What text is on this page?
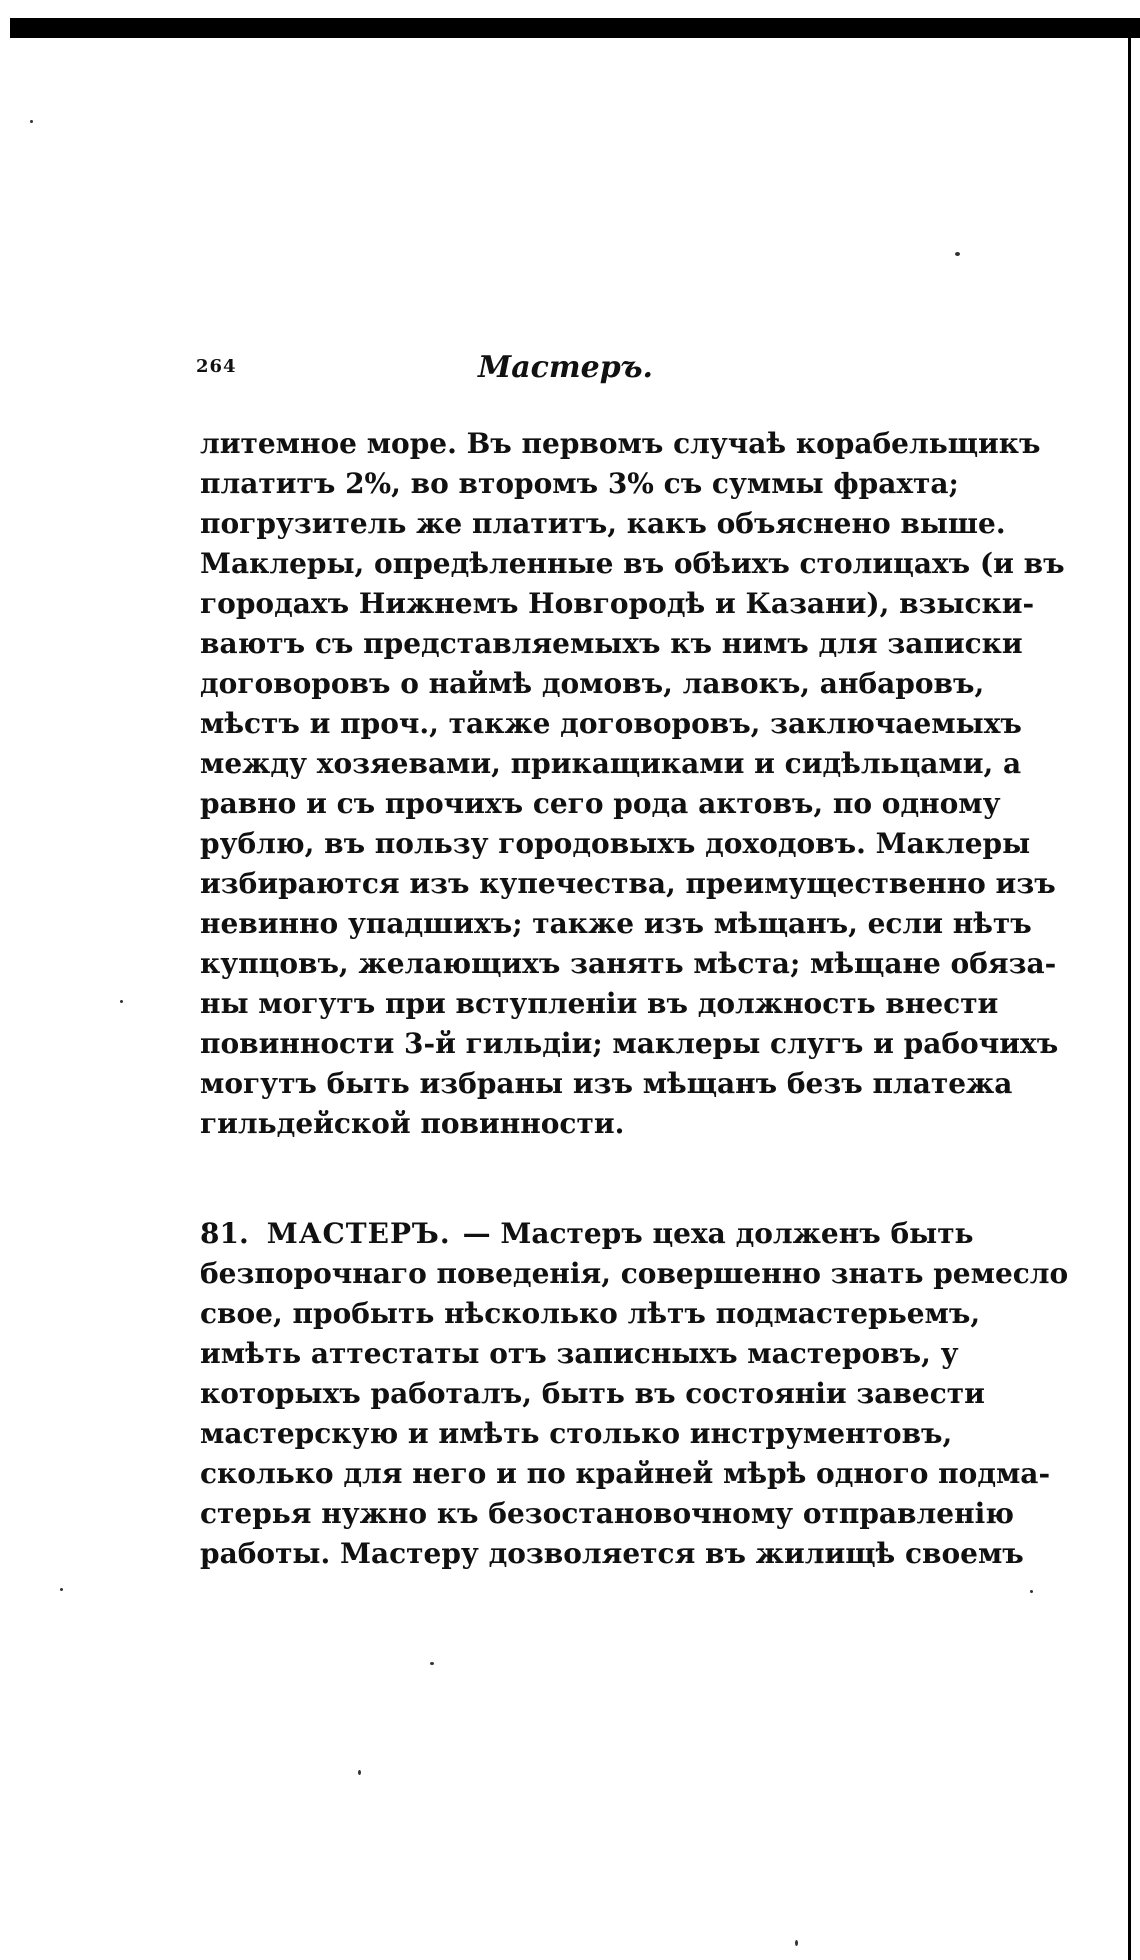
264	Мастеръ.
литемное море. Въ первомъ случаѣ корабельщикъ
платитъ 2%, во второмъ 3% съ суммы фрахта;
погрузитель же платитъ, какъ объяснено выше.
Маклеры, опредѣленные въ обѣихъ столицахъ (и въ
городахъ Нижнемъ Новгородѣ и Казани), взыски-
ваютъ съ представляемыхъ къ нимъ для записки
договоровъ о наймѣ домовъ, лавокъ, анбаровъ,
мѣстъ и проч., также договоровъ, заключаемыхъ
между хозяевами, прикащиками и сидѣльцами, а
равно и съ прочихъ сего рода актовъ, по одному
рублю, въ пользу городовыхъ доходовъ. Маклеры
избираются изъ купечества, преимущественно изъ
невинно упадшихъ; также изъ мѣщанъ, если нѣтъ
купцовъ, желающихъ занять мѣста; мѣщане обяза-
ны могутъ при вступленіи въ должность внести
повинности 3-й гильдіи; маклеры слугъ и рабочихъ
могутъ быть избраны изъ мѣщанъ безъ платежа
гильдейской повинности.
81. МАСТЕРЪ. — Мастеръ цеха долженъ быть
безпорочнаго поведенія, совершенно знать ремесло
свое, пробыть нѣсколько лѣтъ подмастерьемъ,
имѣть аттестаты отъ записныхъ мастеровъ, у
которыхъ работалъ, быть въ состояніи завести
мастерскую и имѣть столько инструментовъ,
сколько для него и по крайней мѣрѣ одного подма-
стерья нужно къ безостановочному отправленію
работы. Мастеру дозволяется въ жилищѣ своемъ
